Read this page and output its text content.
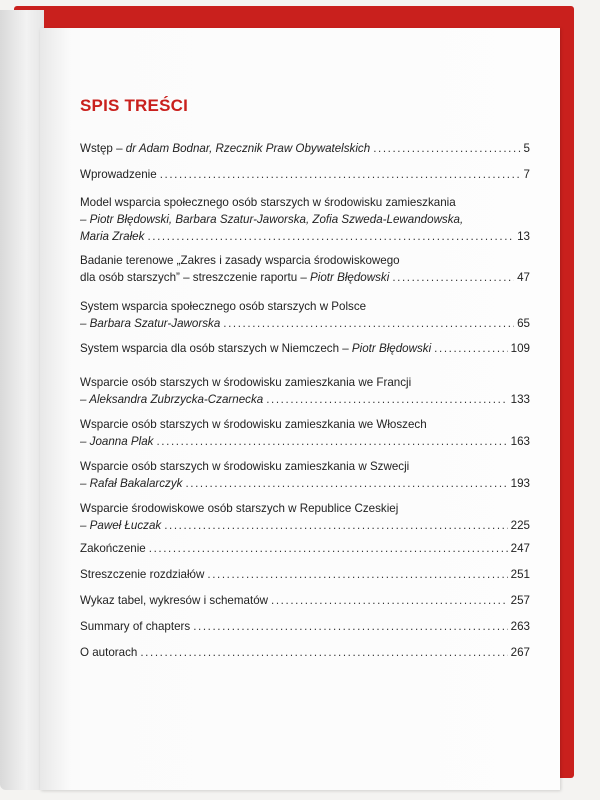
SPIS TREŚCI
Wstęp – dr Adam Bodnar, Rzecznik Praw Obywatelskich .....	5
Wprowadzenie .....	7
Model wsparcia społecznego osób starszych w środowisku zamieszkania
– Piotr Błędowski, Barbara Szatur-Jaworska, Zofia Szweda-Lewandowska,
Maria Zrałek .....	13
Badanie terenowe „Zakres i zasady wsparcia środowiskowego
dla osób starszych” – streszczenie raportu – Piotr Błędowski .....	47
System wsparcia społecznego osób starszych w Polsce
– Barbara Szatur-Jaworska .....	65
System wsparcia dla osób starszych w Niemczech – Piotr Błędowski .....	109
Wsparcie osób starszych w środowisku zamieszkania we Francji
– Aleksandra Zubrzycka-Czarnecka .....	133
Wsparcie osób starszych w środowisku zamieszkania we Włoszech
– Joanna Plak .....	163
Wsparcie osób starszych w środowisku zamieszkania w Szwecji
– Rafał Bakalarczyk .....	193
Wsparcie środowiskowe osób starszych w Republice Czeskiej
– Paweł Łuczak .....	225
Zakończenie .....	247
Streszczenie rozdziałów .....	251
Wykaz tabel, wykresów i schematów .....	257
Summary of chapters .....	263
O autorach .....	267
